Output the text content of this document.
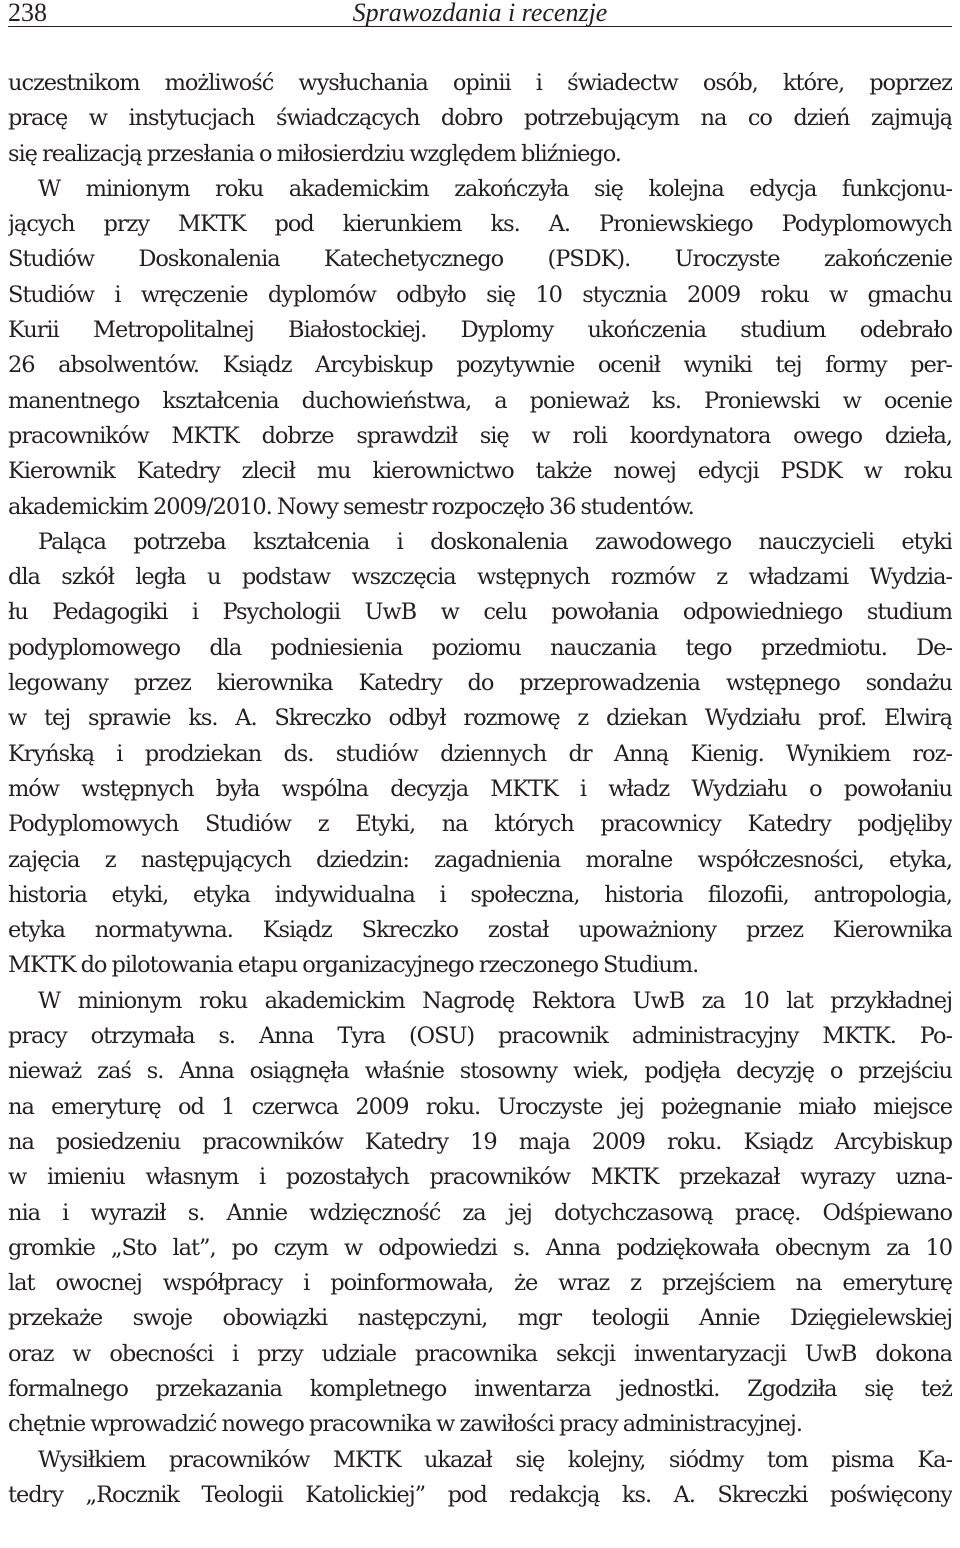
238	Sprawozdania i recenzje
uczestnikom możliwość wysłuchania opinii i świadectw osób, które, poprzez
pracę w instytucjach świadczących dobro potrzebującym na co dzień zajmują
się realizacją przesłania o miłosierdziu względem bliźniego.
W minionym roku akademickim zakończyła się kolejna edycja funkcjonu-
jących przy MKTK pod kierunkiem ks. A. Proniewskiego Podyplomowych
Studiów Doskonalenia Katechetycznego (PSDK). Uroczyste zakończenie
Studiów i wręczenie dyplomów odbyło się 10 stycznia 2009 roku w gmachu
Kurii Metropolitalnej Białostockiej. Dyplomy ukończenia studium odebrało
26 absolwentów. Ksiądz Arcybiskup pozytywnie ocenił wyniki tej formy per-
manentnego kształcenia duchowieństwa, a ponieważ ks. Proniewski w ocenie
pracowników MKTK dobrze sprawdził się w roli koordynatora owego dzieła,
Kierownik Katedry zlecił mu kierownictwo także nowej edycji PSDK w roku
akademickim 2009/2010. Nowy semestr rozpoczęło 36 studentów.
Paląca potrzeba kształcenia i doskonalenia zawodowego nauczycieli etyki
dla szkół legła u podstaw wszczęcia wstępnych rozmów z władzami Wydzia-
łu Pedagogiki i Psychologii UwB w celu powołania odpowiedniego studium
podyplomowego dla podniesienia poziomu nauczania tego przedmiotu. De-
legowany przez kierownika Katedry do przeprowadzenia wstępnego sondażu
w tej sprawie ks. A. Skreczko odbył rozmowę z dziekan Wydziału prof. Elwirą
Kryńską i prodziekan ds. studiów dziennych dr Anną Kienig. Wynikiem roz-
mów wstępnych była wspólna decyzja MKTK i władz Wydziału o powołaniu
Podyplomowych Studiów z Etyki, na których pracownicy Katedry podjęliby
zajęcia z następujących dziedzin: zagadnienia moralne współczesności, etyka,
historia etyki, etyka indywidualna i społeczna, historia filozofii, antropologia,
etyka normatywna. Ksiądz Skreczko został upoważniony przez Kierownika
MKTK do pilotowania etapu organizacyjnego rzeczonego Studium.
W minionym roku akademickim Nagrodę Rektora UwB za 10 lat przykładnej
pracy otrzymała s. Anna Tyra (OSU) pracownik administracyjny MKTK. Po-
nieważ zaś s. Anna osiągnęła właśnie stosowny wiek, podjęła decyzję o przejściu
na emeryturę od 1 czerwca 2009 roku. Uroczyste jej pożegnanie miało miejsce
na posiedzeniu pracowników Katedry 19 maja 2009 roku. Ksiądz Arcybiskup
w imieniu własnym i pozostałych pracowników MKTK przekazał wyrazy uzna-
nia i wyraził s. Annie wdzięczność za jej dotychczasową pracę. Odśpiewano
gromkie „Sto lat”, po czym w odpowiedzi s. Anna podziękowała obecnym za 10
lat owocnej współpracy i poinformowała, że wraz z przejściem na emeryturę
przekaże swoje obowiązki następczyni, mgr teologii Annie Dzięgielewskiej
oraz w obecności i przy udziale pracownika sekcji inwentaryzacji UwB dokona
formalnego przekazania kompletnego inwentarza jednostki. Zgodziła się też
chętnie wprowadzić nowego pracownika w zawiłości pracy administracyjnej.
Wysiłkiem pracowników MKTK ukazał się kolejny, siódmy tom pisma Ka-
tedry „Rocznik Teologii Katolickiej” pod redakcją ks. A. Skreczki poświęcony
